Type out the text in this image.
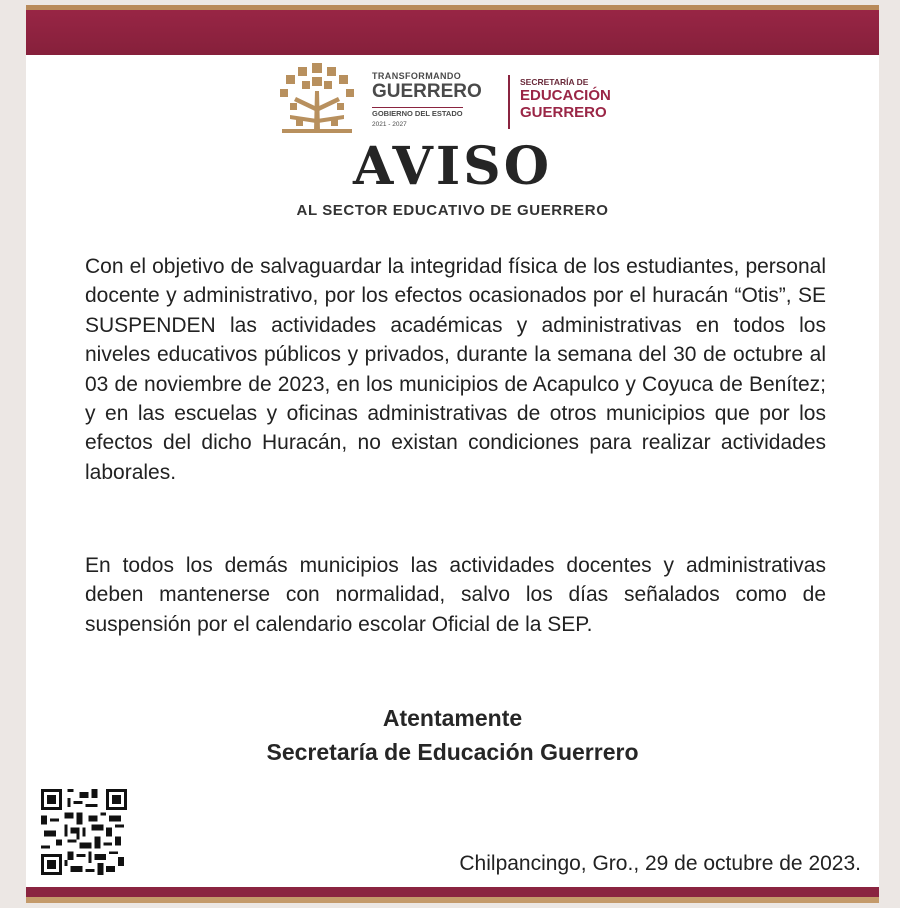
TRANSFORMANDO
GUERRERO
GOBIERNO DEL ESTADO
2021 - 2027
SECRETARÍA DE
EDUCACIÓN
GUERRERO
AVISO
AL SECTOR EDUCATIVO DE GUERRERO

Con el objetivo de salvaguardar la integridad física de los estudiantes, personal docente y administrativo, por los efectos ocasionados por el huracán “Otis”, SE SUSPENDEN las actividades académicas y administrativas en todos los niveles educativos públicos y privados, durante la semana del 30 de octubre al 03 de noviembre de 2023, en los municipios de Acapulco y Coyuca de Benítez; y en las escuelas y oficinas administrativas de otros municipios que por los efectos del dicho Huracán, no existan condiciones para realizar actividades laborales.

En todos los demás municipios las actividades docentes y administrativas deben mantenerse con normalidad, salvo los días señalados como de suspensión por el calendario escolar Oficial de la SEP.

Atentamente
Secretaría de Educación Guerrero
Chilpancingo, Gro., 29 de octubre de 2023.
